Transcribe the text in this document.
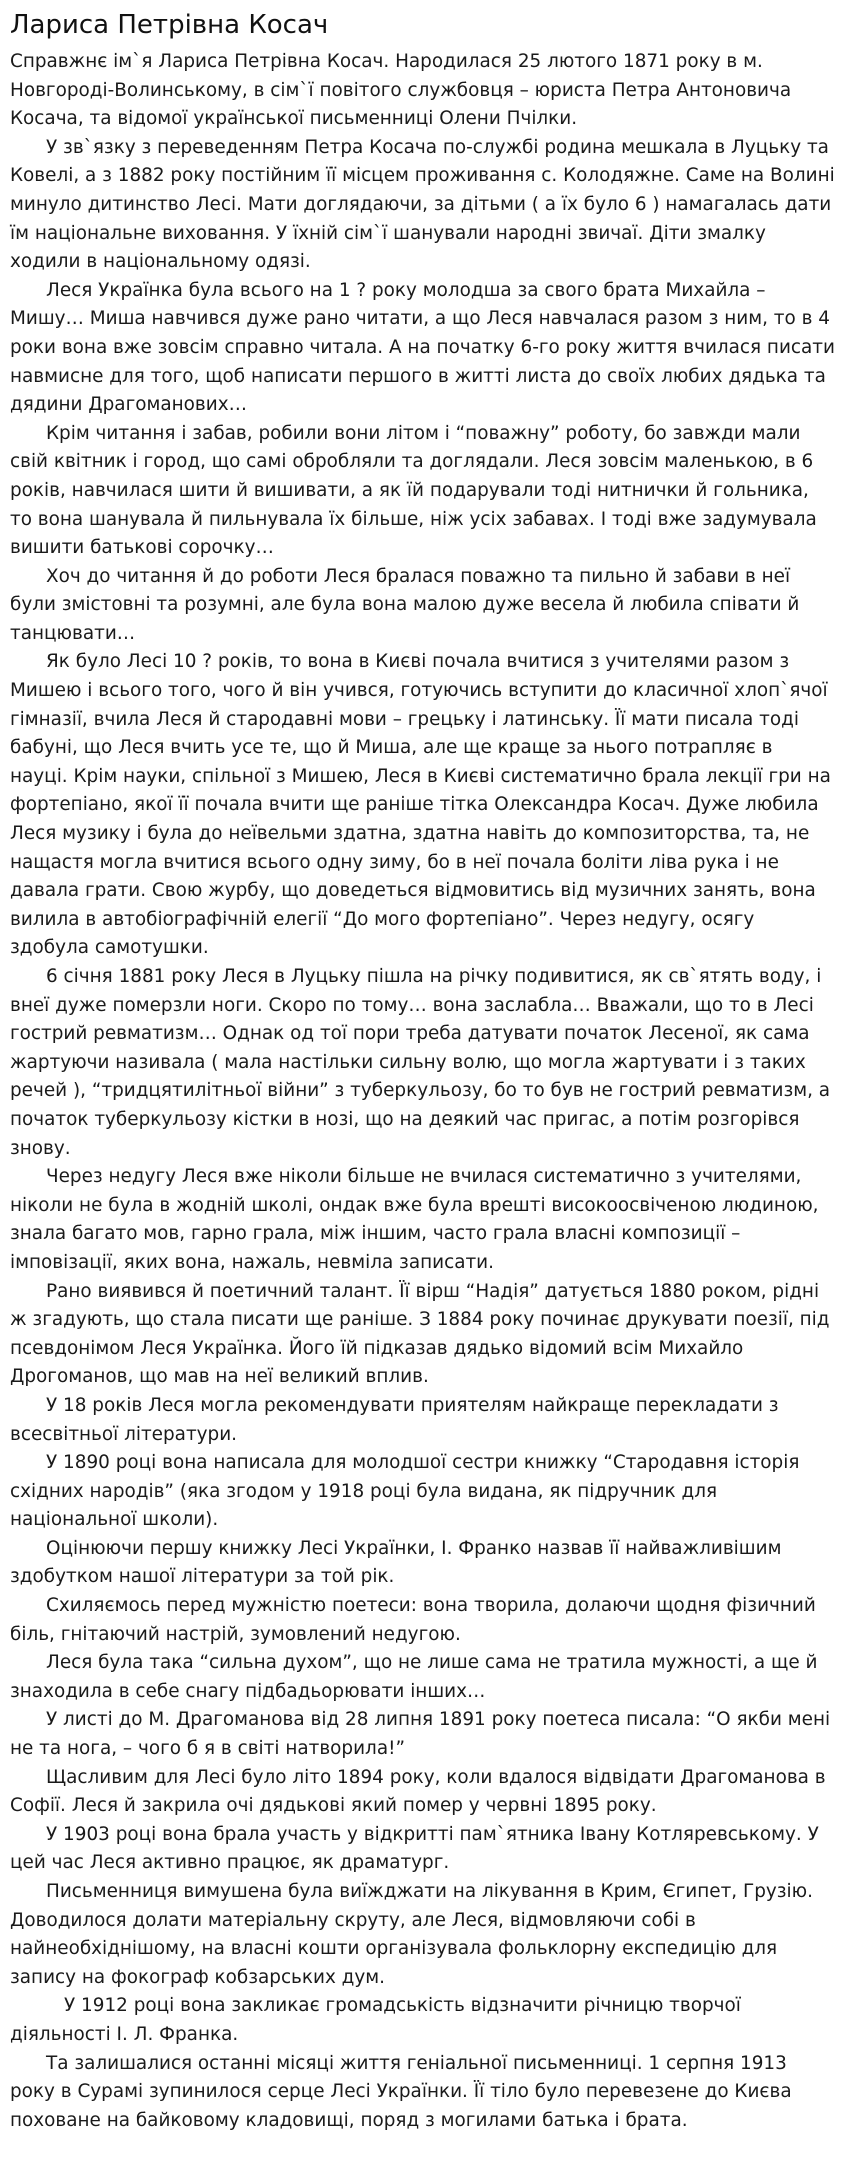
Лариса Петрівна Косач

Справжнє ім`я Лариса Петрівна Косач. Народилася 25 лютого 1871 року в м. Новгороді-Волинському, в сім`ї повітого службовця – юриста Петра Антоновича Косача, та відомої української письменниці Олени Пчілки.

У зв`язку з переведенням Петра Косача по-службі родина мешкала в Луцьку та Ковелі, а з 1882 року постійним її місцем проживання с. Колодяжне. Саме на Волині минуло дитинство Лесі. Мати доглядаючи, за дітьми ( а їх було 6 ) намагалась дати їм національне виховання. У їхній сім`ї шанували народні звичаї. Діти змалку ходили в національному одязі.

Леся Українка була всього на 1 ? року молодша за свого брата Михайла – Мишу… Миша навчився дуже рано читати, а що Леся навчалася разом з ним, то в 4 роки вона вже зовсім справно читала. А на початку 6-го року життя вчилася писати навмисне для того, щоб написати першого в житті листа до своїх любих дядька та дядини Драгоманових…

Крім читання і забав, робили вони літом і “поважну” роботу, бо завжди мали свій квітник і город, що самі обробляли та доглядали. Леся зовсім маленькою, в 6 років, навчилася шити й вишивати, а як їй подарували тоді нитнички й гольника, то вона шанувала й пильнувала їх більше, ніж усіх забавах. І тоді вже задумувала вишити батькові сорочку…

Хоч до читання й до роботи Леся бралася поважно та пильно й забави в неї були змістовні та розумні, але була вона малою дуже весела й любила співати й танцювати…

Як було Лесі 10 ? років, то вона в Києві почала вчитися з учителями разом з Мишею і всього того, чого й він учився, готуючись вступити до класичної хлоп`ячої гімназії, вчила Леся й стародавні мови – грецьку і латинську. Її мати писала тоді бабуні, що Леся вчить усе те, що й Миша, але ще краще за нього потрапляє в науці. Крім науки, спільної з Мишею, Леся в Києві систематично брала лекції гри на фортепіано, якої її почала вчити ще раніше тітка Олександра Косач. Дуже любила Леся музику і була до неївельми здатна, здатна навіть до композиторства, та, не нащастя могла вчитися всього одну зиму, бо в неї почала боліти ліва рука і не давала грати. Свою журбу, що доведеться відмовитись від музичних занять, вона вилила в автобіографічній елегії “До мого фортепіано”. Через недугу, осягу здобула самотушки.

6 січня 1881 року Леся в Луцьку пішла на річку подивитися, як св`ятять воду, і внеї дуже померзли ноги. Скоро по тому… вона заслабла… Вважали, що то в Лесі гострий ревматизм… Однак од тої пори треба датувати початок Лесеної, як сама жартуючи називала ( мала настільки сильну волю, що могла жартувати і з таких речей ), “тридцятилітньої війни” з туберкульозу, бо то був не гострий ревматизм, а початок туберкульозу кістки в нозі, що на деякий час пригас, а потім розгорівся знову.

Через недугу Леся вже ніколи більше не вчилася систематично з учителями, ніколи не була в жодній школі, ондак вже була врешті високоосвіченою людиною, знала багато мов, гарно грала, між іншим, часто грала власні композиції – імповізації, яких вона, нажаль, невміла записати.

Рано виявився й поетичний талант. Її вірш “Надія” датується 1880 роком, рідні ж згадують, що стала писати ще раніше. З 1884 року починає друкувати поезії, під псевдонімом Леся Українка. Його їй підказав дядько відомий всім Михайло Дрогоманов, що мав на неї великий вплив.

У 18 років Леся могла рекомендувати приятелям найкраще перекладати з всесвітньої літератури.

У 1890 році вона написала для молодшої сестри книжку “Стародавня історія східних народів” (яка згодом у 1918 році була видана, як підручник для національної школи).

Оцінюючи першу книжку Лесі Українки, І. Франко назвав її найважливішим здобутком нашої літератури за той рік.

Схиляємось перед мужністю поетеси: вона творила, долаючи щодня фізичний біль, гнітаючий настрій, зумовлений недугою.

Леся була така “сильна духом”, що не лише сама не тратила мужності, а ще й знаходила в себе снагу підбадьорювати інших…

У листі до М. Драгоманова від 28 липня 1891 року поетеса писала: “О якби мені не та нога, – чого б я в світі натворила!”

Щасливим для Лесі було літо 1894 року, коли вдалося відвідати Драгоманова в Софії. Леся й закрила очі дядькові який помер у червні 1895 року.

У 1903 році вона брала участь у відкритті пам`ятника Івану Котляревському. У цей час Леся активно працює, як драматург.

Письменниця вимушена була виїжджати на лікування в Крим, Єгипет, Грузію. Доводилося долати матеріальну скруту, але Леся, відмовляючи собі в найнеобхіднішому, на власні кошти організувала фольклорну експедицію для запису на фокограф кобзарських дум.

У 1912 році вона закликає громадськість відзначити річницю творчої діяльності І. Л. Франка.

Та залишалися останні місяці життя геніальної письменниці. 1 серпня 1913 року в Сурамі зупинилося серце Лесі Українки. Її тіло було перевезене до Києва поховане на байковому кладовищі, поряд з могилами батька і брата.
